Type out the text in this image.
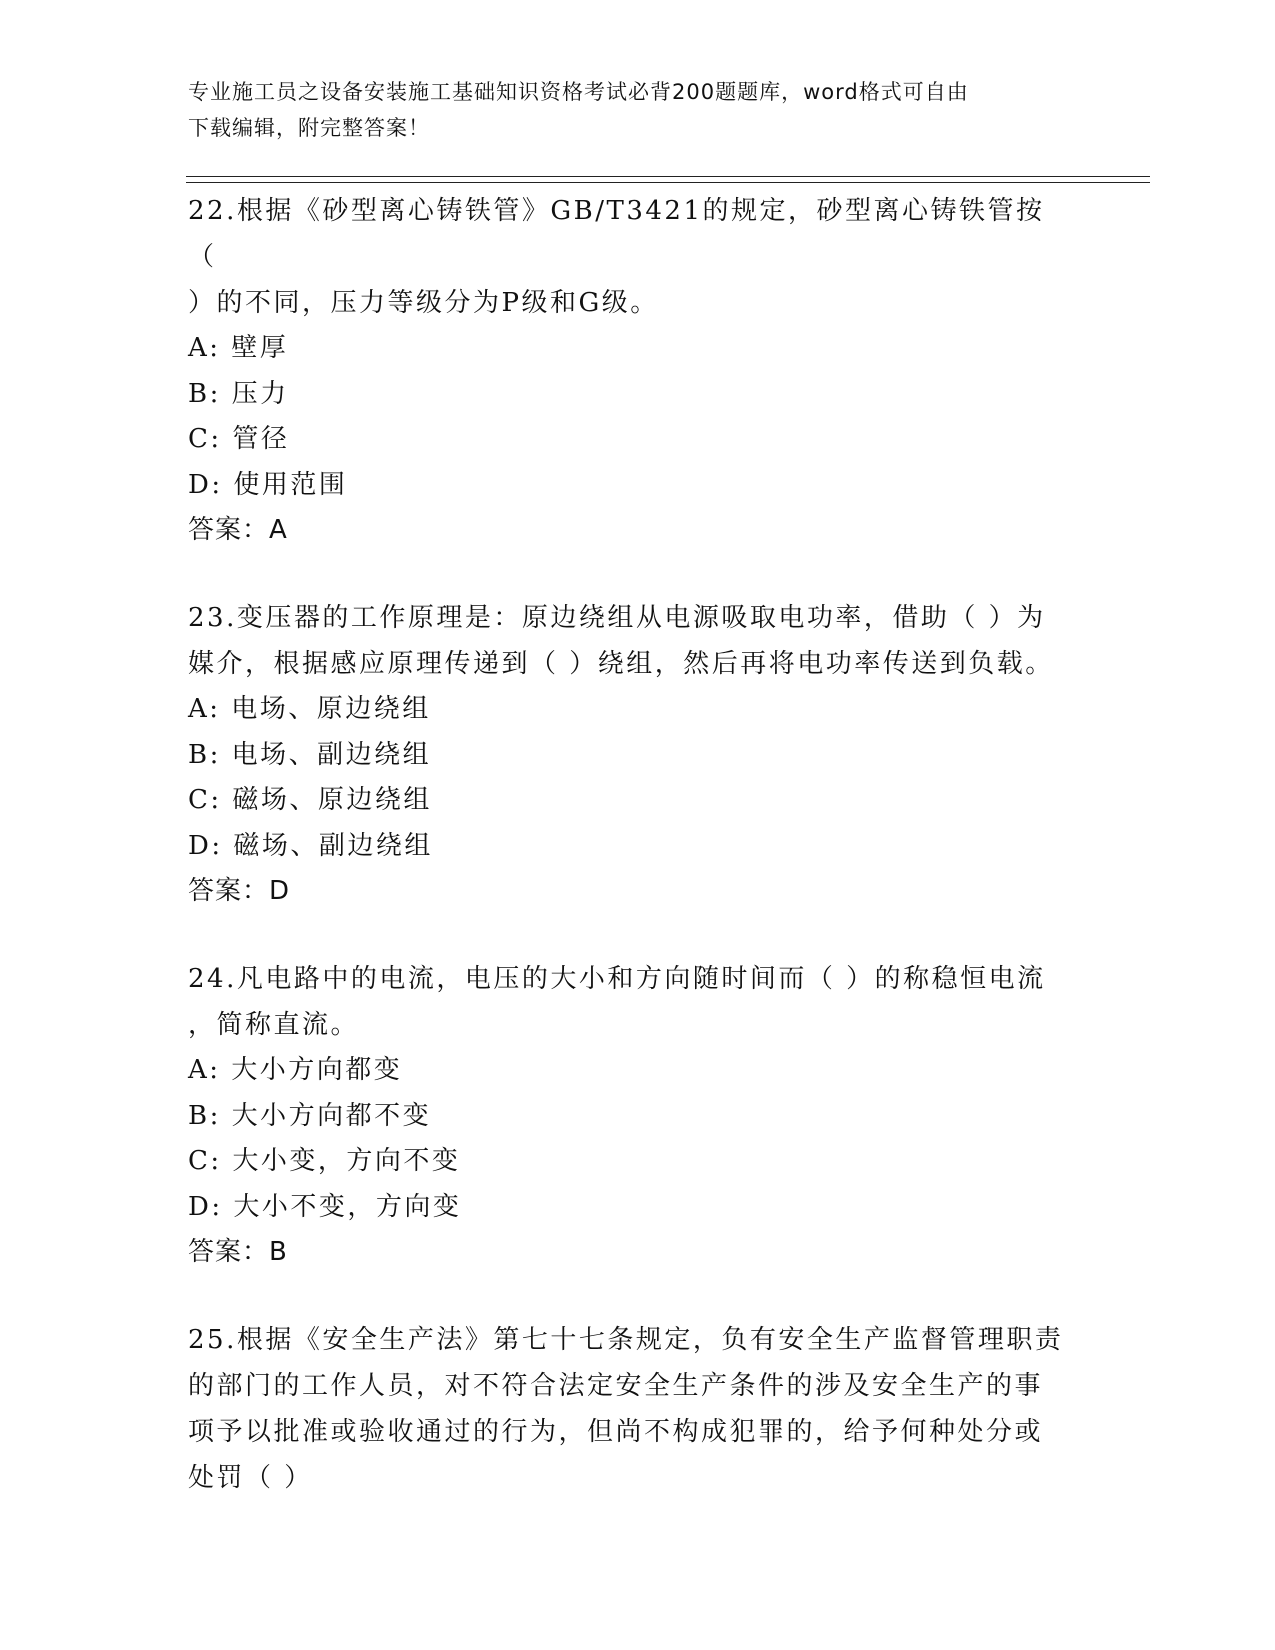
专业施工员之设备安装施工基础知识资格考试必背200题题库，word格式可自由
下载编辑，附完整答案！
22.根据《砂型离心铸铁管》GB/T3421的规定，砂型离心铸铁管按（
）的不同，压力等级分为P级和G级。
A: 壁厚
B: 压力
C: 管径
D: 使用范围
答案：A
23.变压器的工作原理是：原边绕组从电源吸取电功率，借助（ ）为
媒介，根据感应原理传递到（ ）绕组，然后再将电功率传送到负载。
A: 电场、原边绕组
B: 电场、副边绕组
C: 磁场、原边绕组
D: 磁场、副边绕组
答案：D
24.凡电路中的电流，电压的大小和方向随时间而（ ）的称稳恒电流
，简称直流。
A: 大小方向都变
B: 大小方向都不变
C: 大小变，方向不变
D: 大小不变，方向变
答案：B
25.根据《安全生产法》第七十七条规定，负有安全生产监督管理职责
的部门的工作人员，对不符合法定安全生产条件的涉及安全生产的事
项予以批准或验收通过的行为，但尚不构成犯罪的，给予何种处分或
处罚（ ）
